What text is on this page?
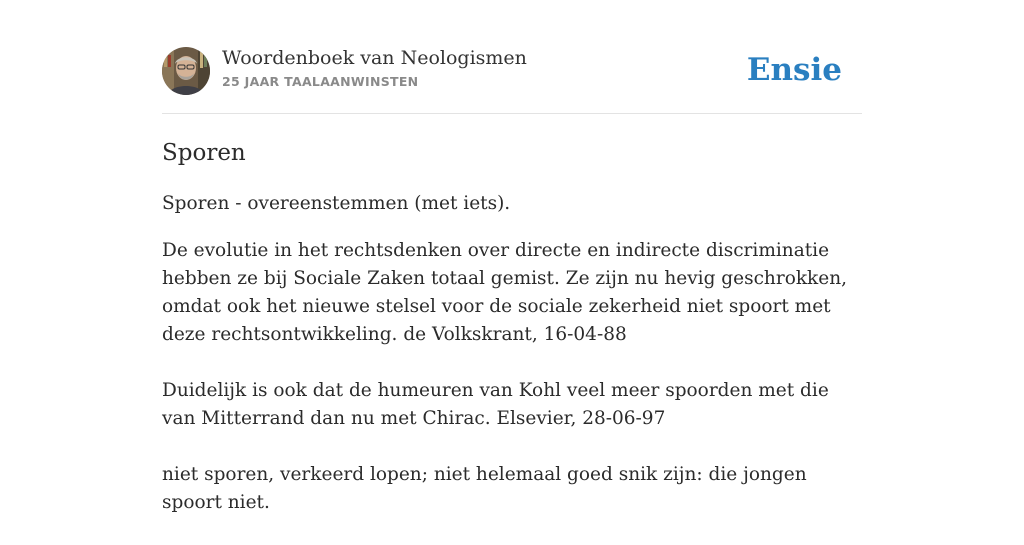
Woordenboek van Neologismen
25 JAAR TAALAANWINSTEN	Ensie
Sporen
Sporen - overeenstemmen (met iets).

De evolutie in het rechtsdenken over directe en indirecte discriminatie hebben ze bij Sociale Zaken totaal gemist. Ze zijn nu hevig geschrokken, omdat ook het nieuwe stelsel voor de sociale zekerheid niet spoort met deze rechtsontwikkeling. de Volkskrant, 16-04-88

Duidelijk is ook dat de humeuren van Kohl veel meer spoorden met die van Mitterrand dan nu met Chirac. Elsevier, 28-06-97

niet sporen, verkeerd lopen; niet helemaal goed snik zijn: die jongen spoort niet.
